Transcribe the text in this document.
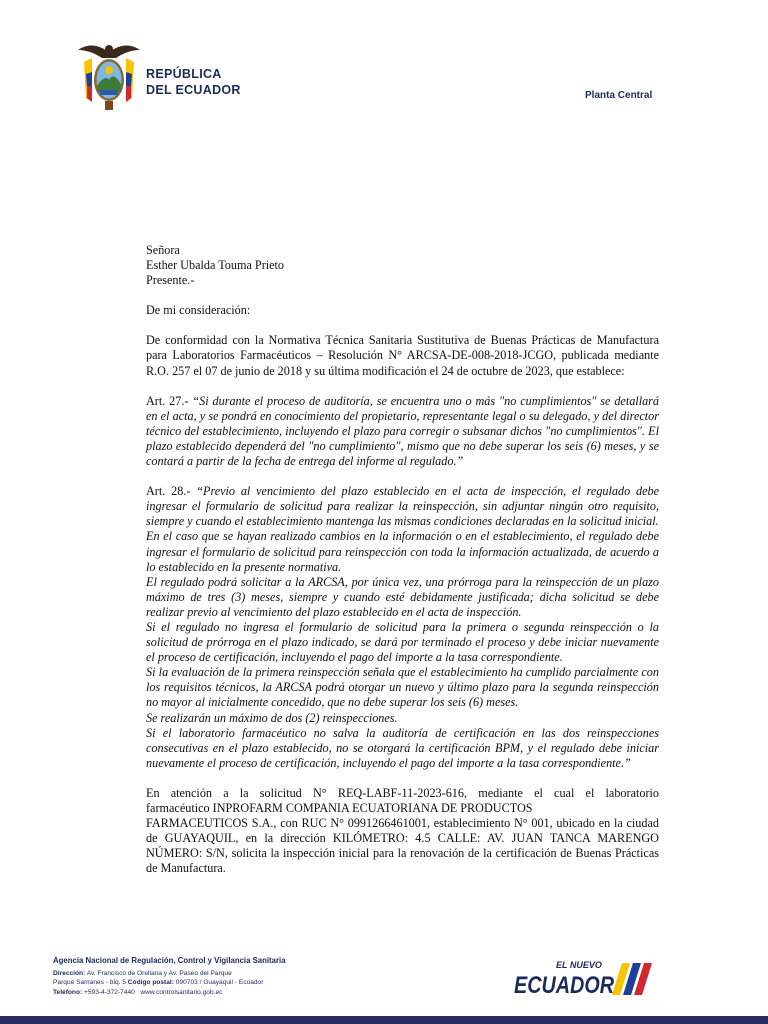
REPÚBLICA
DEL ECUADOR	Planta Central

Señora

Esther Ubalda Touma Prieto

Presente.-

De mi consideración:

De conformidad con la Normativa Técnica Sanitaria Sustitutiva de Buenas Prácticas de Manufactura para Laboratorios Farmacéuticos – Resolución N° ARCSA-DE-008-2018-JCGO, publicada mediante R.O. 257 el 07 de junio de 2018 y su última modificación el 24 de octubre de 2023, que establece:

Art. 27.- “Si durante el proceso de auditoría, se encuentra uno o más "no cumplimientos" se detallará en el acta, y se pondrá en conocimiento del propietario, representante legal o su delegado, y del director técnico del establecimiento, incluyendo el plazo para corregir o subsanar dichos "no cumplimientos". El plazo establecido dependerá del "no cumplimiento", mismo que no debe superar los seis (6) meses, y se contará a partir de la fecha de entrega del informe al regulado.”

Art. 28.- “Previo al vencimiento del plazo establecido en el acta de inspección, el regulado debe ingresar el formulario de solicitud para realizar la reinspección, sin adjuntar ningún otro requisito, siempre y cuando el establecimiento mantenga las mismas condiciones declaradas en la solicitud inicial.

En el caso que se hayan realizado cambios en la información o en el establecimiento, el regulado debe ingresar el formulario de solicitud para reinspección con toda la información actualizada, de acuerdo a lo establecido en la presente normativa.

El regulado podrá solicitar a la ARCSA, por única vez, una prórroga para la reinspección de un plazo máximo de tres (3) meses, siempre y cuando esté debidamente justificada; dicha solicitud se debe realizar previo al vencimiento del plazo establecido en el acta de inspección.

Si el regulado no ingresa el formulario de solicitud para la primera o segunda reinspección o la solicitud de prórroga en el plazo indicado, se dará por terminado el proceso y debe iniciar nuevamente el proceso de certificación, incluyendo el pago del importe a la tasa correspondiente.

Si la evaluación de la primera reinspección señala que el establecimiento ha cumplido parcialmente con los requisitos técnicos, la ARCSA podrá otorgar un nuevo y último plazo para la segunda reinspección no mayor al inicialmente concedido, que no debe superar los seis (6) meses.

Se realizarán un máximo de dos (2) reinspecciones.

Si el laboratorio farmacéutico no salva la auditoría de certificación en las dos reinspecciones consecutivas en el plazo establecido, no se otorgará la certificación BPM, y el regulado debe iniciar nuevamente el proceso de certificación, incluyendo el pago del importe a la tasa correspondiente.”

En atención a la solicitud N° REQ-LABF-11-2023-616, mediante el cual el laboratorio

farmacéutico INPROFARM COMPANIA ECUATORIANA DE PRODUCTOS

FARMACEUTICOS S.A., con RUC N° 0991266461001, establecimiento N° 001, ubicado en la ciudad de GUAYAQUIL, en la dirección KILÓMETRO: 4.5 CALLE: AV. JUAN TANCA MARENGO NÚMERO: S/N, solicita la inspección inicial para la renovación de la certificación de Buenas Prácticas de Manufactura.

Agencia Nacional de Regulación, Control y Vigilancia Sanitaria
Dirección: Av. Francisco de Orellana y Av. Paseo del Parque
Parque Samanes - blq. 5 Código postal: 090703 / Guayaquil - Ecuador
Teléfono: +593-4-372-7440 www.controlsanitario.gob.ec
EL NUEVO
ECUADOR
